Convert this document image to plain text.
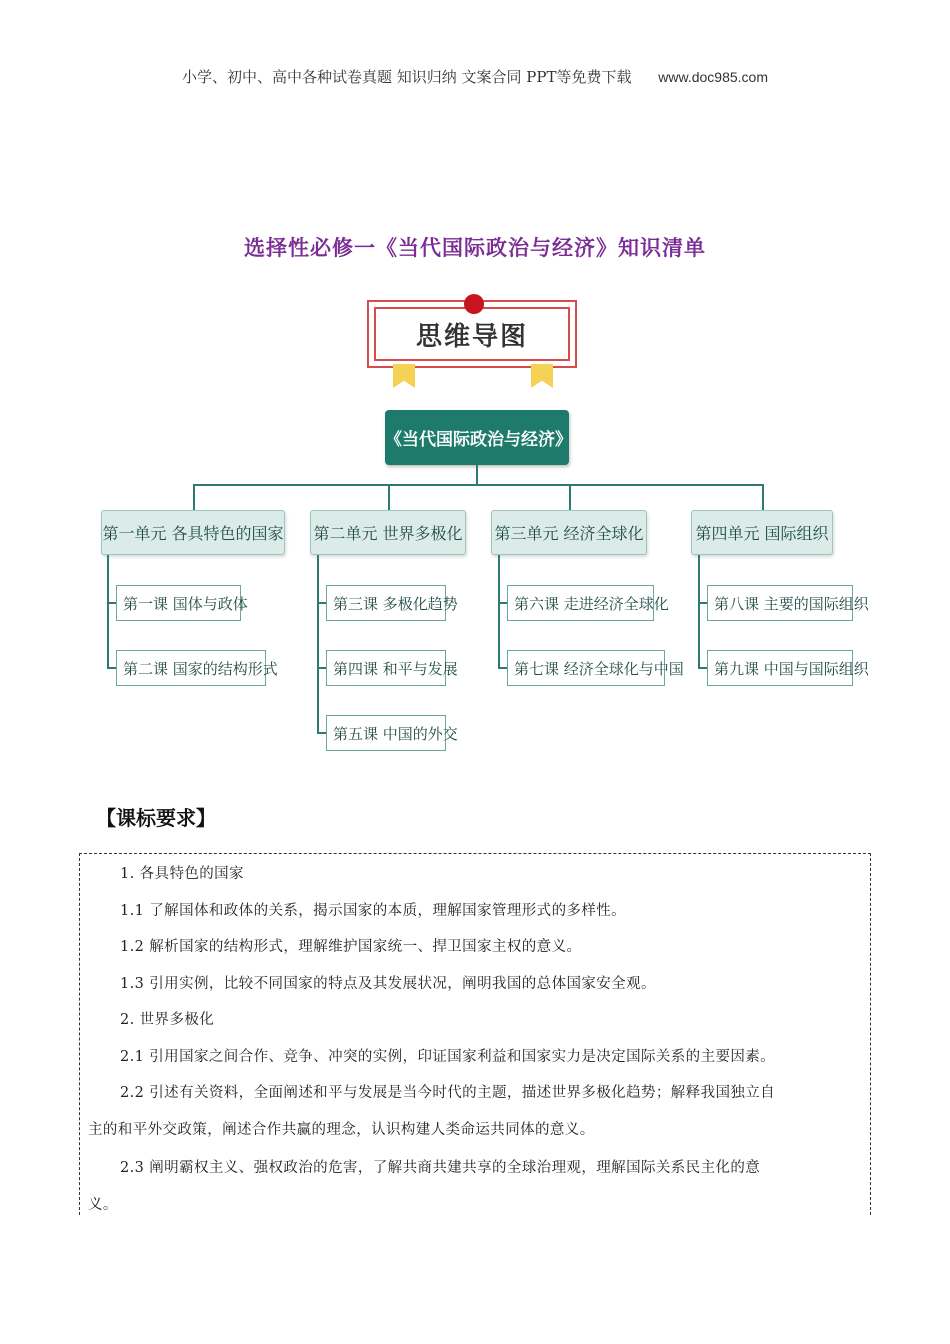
小学、初中、高中各种试卷真题 知识归纳 文案合同 PPT等免费下载 www.doc985.com
选择性必修一《当代国际政治与经济》知识清单
思维导图
《当代国际政治与经济》
第一单元 各具特色的国家 第二单元 世界多极化 第三单元 经济全球化	第四单元 国际组织
第一课 国体与政体
第二课 国家的结构形式
第三课 多极化趋势
第四课 和平与发展
第五课 中国的外交
第六课 走进经济全球化
第七课 经济全球化与中国
第八课 主要的国际组织
第九课 中国与国际组织
【课标要求】
1. 各具特色的国家
1.1 了解国体和政体的关系，揭示国家的本质，理解国家管理形式的多样性。
1.2 解析国家的结构形式，理解维护国家统一、捍卫国家主权的意义。
1.3 引用实例，比较不同国家的特点及其发展状况，阐明我国的总体国家安全观。
2. 世界多极化
2.1 引用国家之间合作、竞争、冲突的实例，印证国家利益和国家实力是决定国际关系的主要因素。
2.2 引述有关资料，全面阐述和平与发展是当今时代的主题，描述世界多极化趋势；解释我国独立自
主的和平外交政策，阐述合作共赢的理念，认识构建人类命运共同体的意义。
2.3 阐明霸权主义、强权政治的危害，了解共商共建共享的全球治理观，理解国际关系民主化的意
义。
